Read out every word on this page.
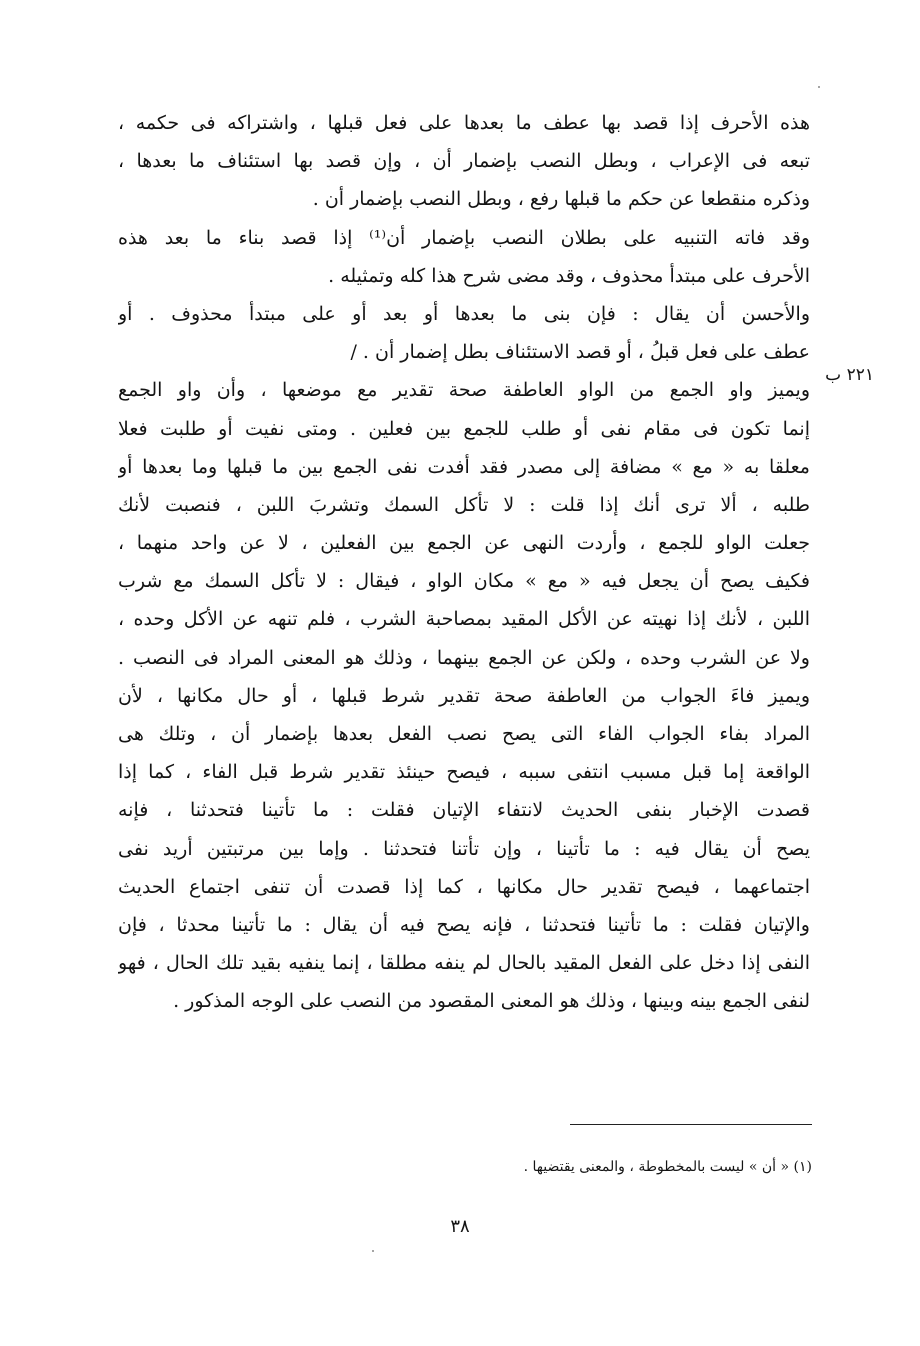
هذه الأحرف إذا قصد بها عطف ما بعدها على فعل قبلها ، واشتراكه فى حكمه ،
تبعه فى الإعراب ، وبطل النصب بإضمار أن ، وإن قصد بها استئناف ما بعدها ،
وذكره منقطعا عن حكم ما قبلها رفع ، وبطل النصب بإضمار أن .
وقد فاته التنبيه على بطلان النصب بإضمار أن⁽¹⁾ إذا قصد بناء ما بعد هذه
الأحرف على مبتدأ محذوف ، وقد مضى شرح هذا كله وتمثيله .
والأحسن أن يقال : فإن بنى ما بعدها أو بعد أو على مبتدأ محذوف . أو
عطف على فعل قبلُ ، أو قصد الاستئناف بطل إضمار أن . /
ويميز واو الجمع من الواو العاطفة صحة تقدير مع موضعها ، وأن واو الجمع
إنما تكون فى مقام نفى أو طلب للجمع بين فعلين . ومتى نفيت أو طلبت فعلا
معلقا به « مع » مضافة إلى مصدر فقد أفدت نفى الجمع بين ما قبلها وما بعدها أو
طلبه ، ألا ترى أنك إذا قلت : لا تأكل السمك وتشربَ اللبن ، فنصبت لأنك
جعلت الواو للجمع ، وأردت النهى عن الجمع بين الفعلين ، لا عن واحد منهما ،
فكيف يصح أن يجعل فيه « مع » مكان الواو ، فيقال : لا تأكل السمك مع شرب
اللبن ، لأنك إذا نهيته عن الأكل المقيد بمصاحبة الشرب ، فلم تنهه عن الأكل وحده ،
ولا عن الشرب وحده ، ولكن عن الجمع بينهما ، وذلك هو المعنى المراد فى النصب .
ويميز فاءَ الجواب من العاطفة صحة تقدير شرط قبلها ، أو حال مكانها ، لأن
المراد بفاء الجواب الفاء التى يصح نصب الفعل بعدها بإضمار أن ، وتلك هى
الواقعة إما قبل مسبب انتفى سببه ، فيصح حينئذ تقدير شرط قبل الفاء ، كما إذا
قصدت الإخبار بنفى الحديث لانتفاء الإتيان فقلت : ما تأتينا فتحدثنا ، فإنه
يصح أن يقال فيه : ما تأتينا ، وإن تأتنا فتحدثنا . وإما بين مرتبتين أريد نفى
اجتماعهما ، فيصح تقدير حال مكانها ، كما إذا قصدت أن تنفى اجتماع الحديث
والإتيان فقلت : ما تأتينا فتحدثنا ، فإنه يصح فيه أن يقال : ما تأتينا محدثا ، فإن
النفى إذا دخل على الفعل المقيد بالحال لم ينفه مطلقا ، إنما ينفيه بقيد تلك الحال ، فهو
لنفى الجمع بينه وبينها ، وذلك هو المعنى المقصود من النصب على الوجه المذكور .
٢٢١ ب
(١) « أن » ليست بالمخطوطة ، والمعنى يقتضيها .
٣٨
